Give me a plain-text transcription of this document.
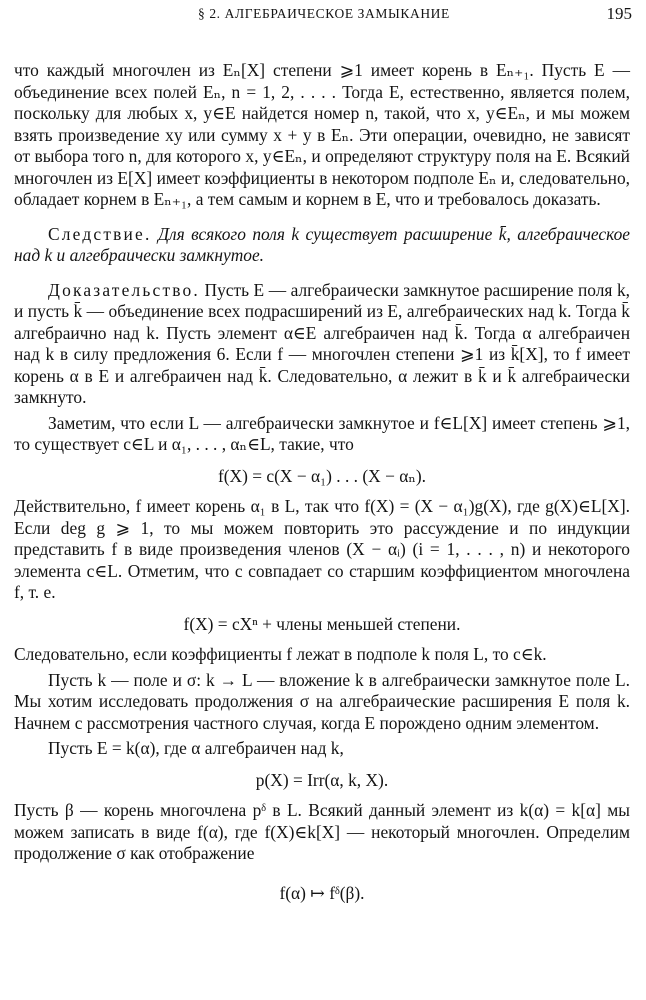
§ 2. АЛГЕБРАИЧЕСКОЕ ЗАМЫКАНИЕ	195

что каждый многочлен из Eₙ[X] степени ⩾1 имеет корень в Eₙ₊₁. Пусть E — объединение всех полей Eₙ, n = 1, 2, . . . . Тогда E, естественно, является полем, поскольку для любых x, y∈E найдется номер n, такой, что x, y∈Eₙ, и мы можем взять произведение xy или сумму x + y в Eₙ. Эти операции, очевидно, не зависят от выбора того n, для которого x, y∈Eₙ, и определяют структуру поля на E. Всякий многочлен из E[X] имеет коэффициенты в некотором подполе Eₙ и, следовательно, обладает корнем в Eₙ₊₁, а тем самым и корнем в E, что и требовалось доказать.

Следствие. Для всякого поля k существует расширение k̄, алгебраическое над k и алгебраически замкнутое.

Доказательство. Пусть E — алгебраически замкнутое расширение поля k, и пусть k̄ — объединение всех подрасширений из E, алгебраических над k. Тогда k̄ алгебраично над k. Пусть элемент α∈E алгебраичен над k̄. Тогда α алгебраичен над k в силу предложения 6. Если f — многочлен степени ⩾1 из k̄[X], то f имеет корень α в E и алгебраичен над k̄. Следовательно, α лежит в k̄ и k̄ алгебраически замкнуто.

Заметим, что если L — алгебраически замкнутое и f∈L[X] имеет степень ⩾1, то существует c∈L и α₁, . . . , αₙ∈L, такие, что

f(X) = c(X − α₁) . . . (X − αₙ).

Действительно, f имеет корень α₁ в L, так что f(X) = (X − α₁)g(X), где g(X)∈L[X]. Если deg g ⩾ 1, то мы можем повторить это рассуждение и по индукции представить f в виде произведения членов (X − αᵢ) (i = 1, . . . , n) и некоторого элемента c∈L. Отметим, что c совпадает со старшим коэффициентом многочлена f, т. е.

f(X) = cXⁿ + члены меньшей степени.

Следовательно, если коэффициенты f лежат в подполе k поля L, то c∈k.

Пусть k — поле и σ: k → L — вложение k в алгебраически замкнутое поле L. Мы хотим исследовать продолжения σ на алгебраические расширения E поля k. Начнем с рассмотрения частного случая, когда E порождено одним элементом.

Пусть E = k(α), где α алгебраичен над k,

p(X) = Irr(α, k, X).

Пусть β — корень многочлена pᵟ в L. Всякий данный элемент из k(α) = k[α] мы можем записать в виде f(α), где f(X)∈k[X] — некоторый многочлен. Определим продолжение σ как отображение

f(α) ↦ fᵟ(β).
